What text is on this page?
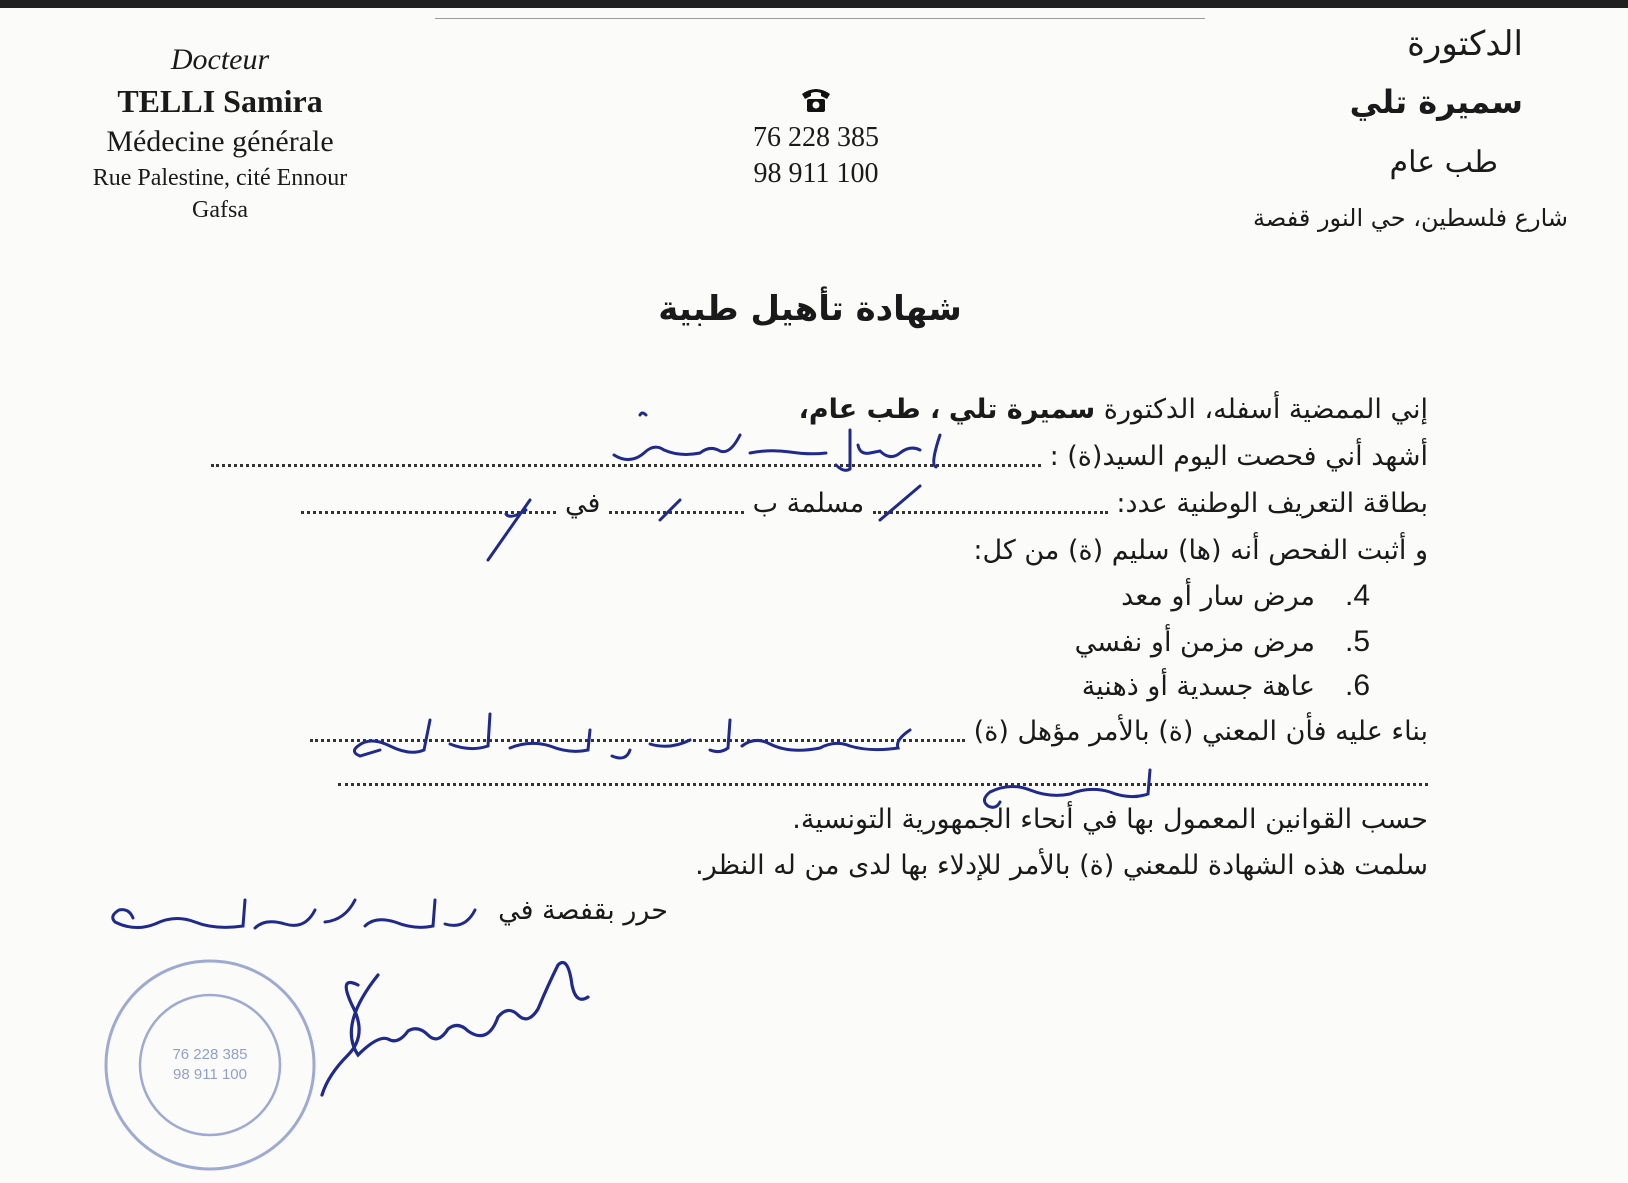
Docteur
TELLI Samira
Médecine générale
Rue Palestine, cité Ennour
Gafsa
76 228 385
98 911 100
الدكتورة
سميرة تلي
طب عام
شارع فلسطين، حي النور قفصة
شهادة تأهيل طبية
إني الممضية أسفله، الدكتورة سميرة تلي ، طب عام،
أشهد أني فحصت اليوم السيد(ة) :
بطاقة التعريف الوطنية عدد:  مسلمة ب  في
و أثبت الفحص أنه (ها) سليم (ة) من كل:
4.مرض سار أو معد
5.مرض مزمن أو نفسي
6.عاهة جسدية أو ذهنية
بناء عليه فأن المعني (ة) بالأمر مؤهل (ة)
حسب القوانين المعمول بها في أنحاء الجمهورية التونسية.
سلمت هذه الشهادة للمعني (ة) بالأمر للإدلاء بها لدى من له النظر.
حرر بقفصة في
76 228 385
98 911 100
